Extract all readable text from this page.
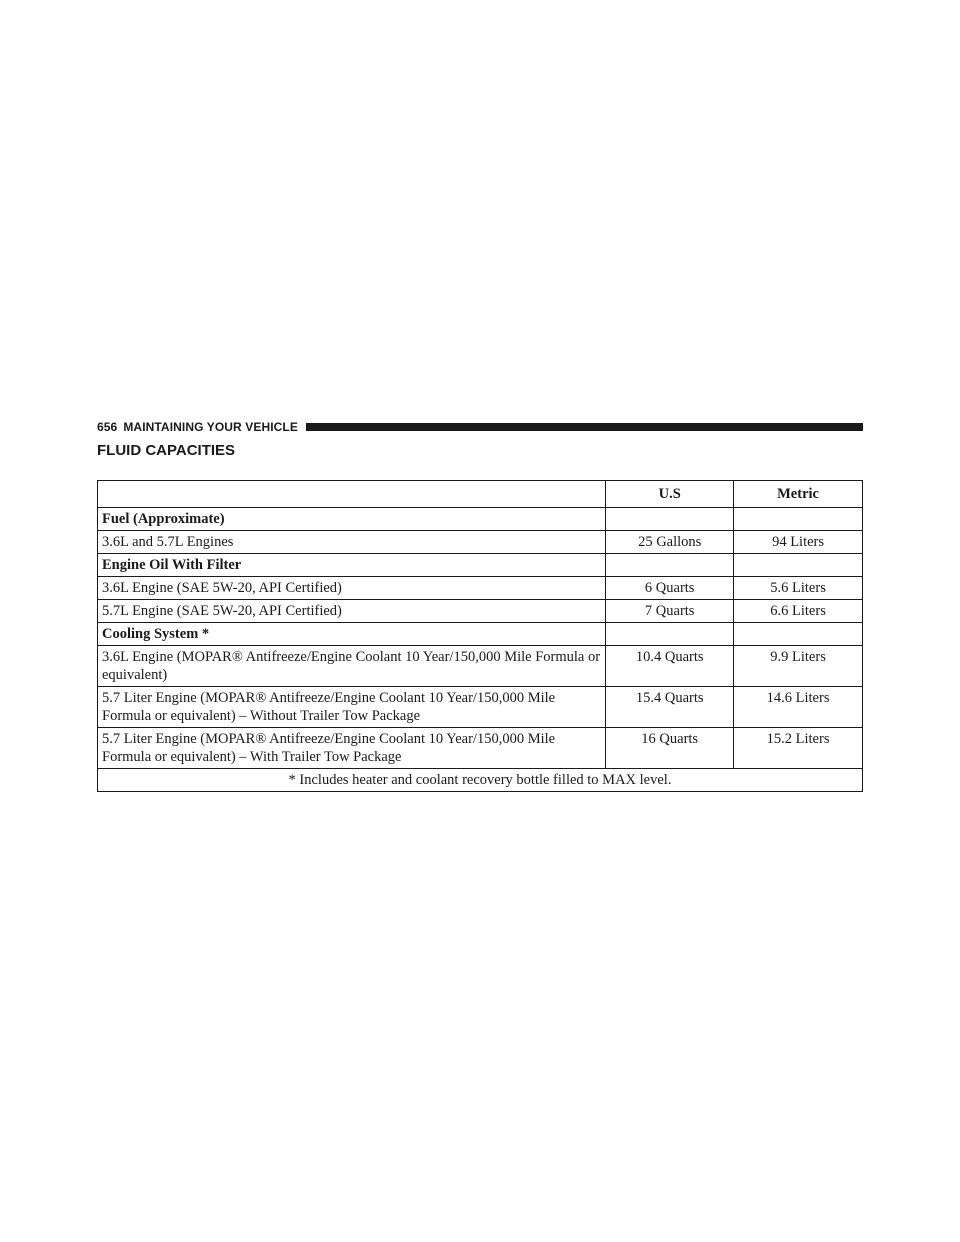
656 MAINTAINING YOUR VEHICLE
FLUID CAPACITIES
	U.S	Metric
Fuel (Approximate)		
3.6L and 5.7L Engines	25 Gallons	94 Liters
Engine Oil With Filter		
3.6L Engine (SAE 5W-20, API Certified)	6 Quarts	5.6 Liters
5.7L Engine (SAE 5W-20, API Certified)	7 Quarts	6.6 Liters
Cooling System *		
3.6L Engine (MOPAR® Antifreeze/Engine Coolant 10 Year/150,000 Mile Formula or equivalent)	10.4 Quarts	9.9 Liters
5.7 Liter Engine (MOPAR® Antifreeze/Engine Coolant 10 Year/150,000 Mile Formula or equivalent) – Without Trailer Tow Package	15.4 Quarts	14.6 Liters
5.7 Liter Engine (MOPAR® Antifreeze/Engine Coolant 10 Year/150,000 Mile Formula or equivalent) – With Trailer Tow Package	16 Quarts	15.2 Liters
* Includes heater and coolant recovery bottle filled to MAX level.		
